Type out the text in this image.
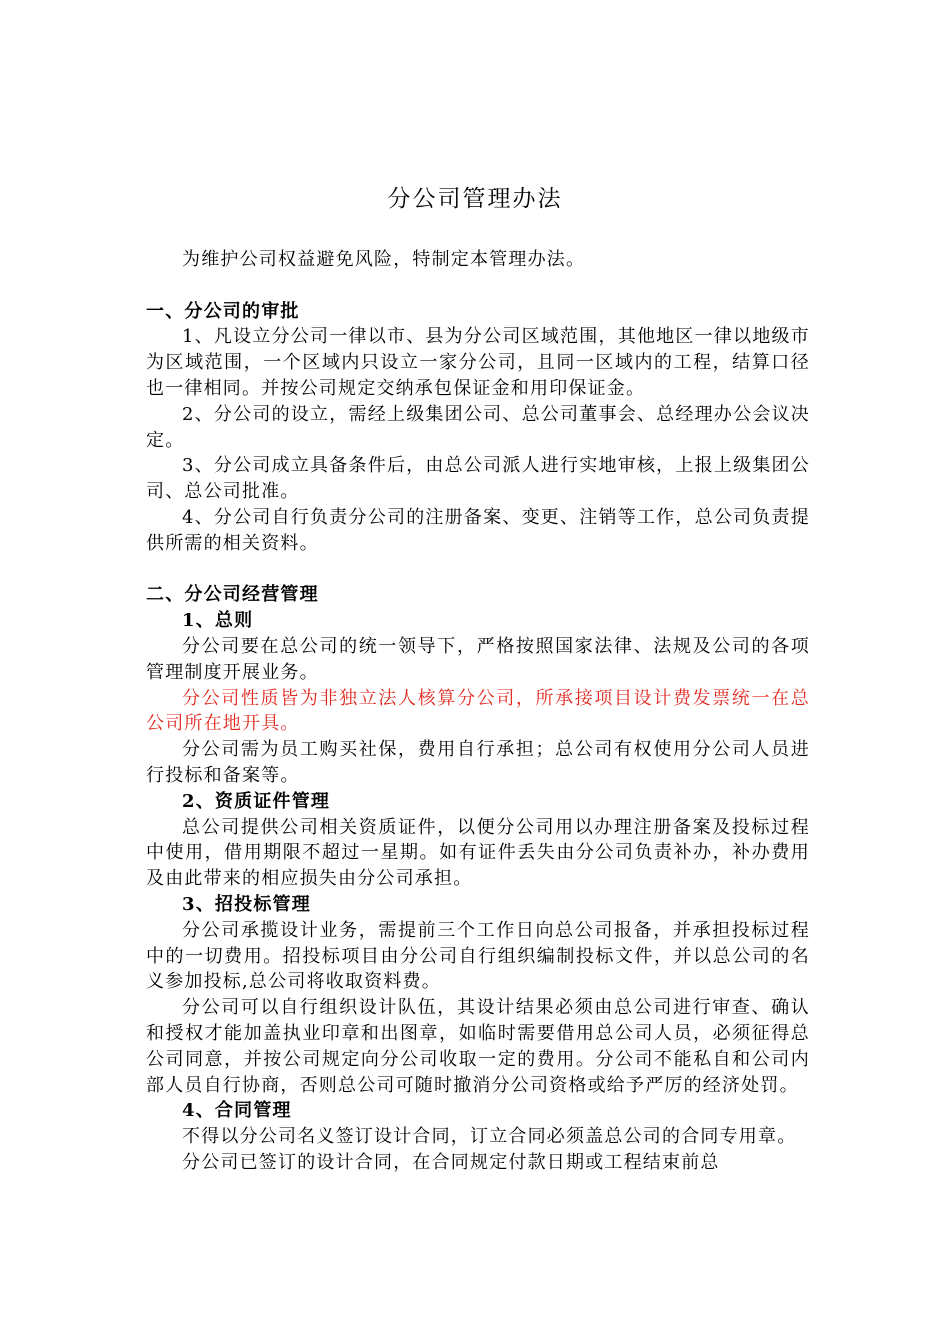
分公司管理办法

为维护公司权益避免风险，特制定本管理办法。

一、分公司的审批

1、凡设立分公司一律以市、县为分公司区域范围，其他地区一律以地级市为区域范围，一个区域内只设立一家分公司，且同一区域内的工程，结算口径也一律相同。并按公司规定交纳承包保证金和用印保证金。

2、分公司的设立，需经上级集团公司、总公司董事会、总经理办公会议决定。

3、分公司成立具备条件后，由总公司派人进行实地审核，上报上级集团公司、总公司批准。

4、分公司自行负责分公司的注册备案、变更、注销等工作，总公司负责提供所需的相关资料。

二、分公司经营管理
1、总则

分公司要在总公司的统一领导下，严格按照国家法律、法规及公司的各项管理制度开展业务。

分公司性质皆为非独立法人核算分公司，所承接项目设计费发票统一在总公司所在地开具。

分公司需为员工购买社保，费用自行承担；总公司有权使用分公司人员进行投标和备案等。

2、资质证件管理

总公司提供公司相关资质证件，以便分公司用以办理注册备案及投标过程中使用，借用期限不超过一星期。如有证件丢失由分公司负责补办，补办费用及由此带来的相应损失由分公司承担。

3、招投标管理

分公司承揽设计业务，需提前三个工作日向总公司报备，并承担投标过程中的一切费用。招投标项目由分公司自行组织编制投标文件，并以总公司的名义参加投标,总公司将收取资料费。

分公司可以自行组织设计队伍，其设计结果必须由总公司进行审查、确认和授权才能加盖执业印章和出图章，如临时需要借用总公司人员，必须征得总公司同意，并按公司规定向分公司收取一定的费用。分公司不能私自和公司内部人员自行协商，否则总公司可随时撤消分公司资格或给予严厉的经济处罚。

4、合同管理

不得以分公司名义签订设计合同，订立合同必须盖总公司的合同专用章。

分公司已签订的设计合同，在合同规定付款日期或工程结束前总
